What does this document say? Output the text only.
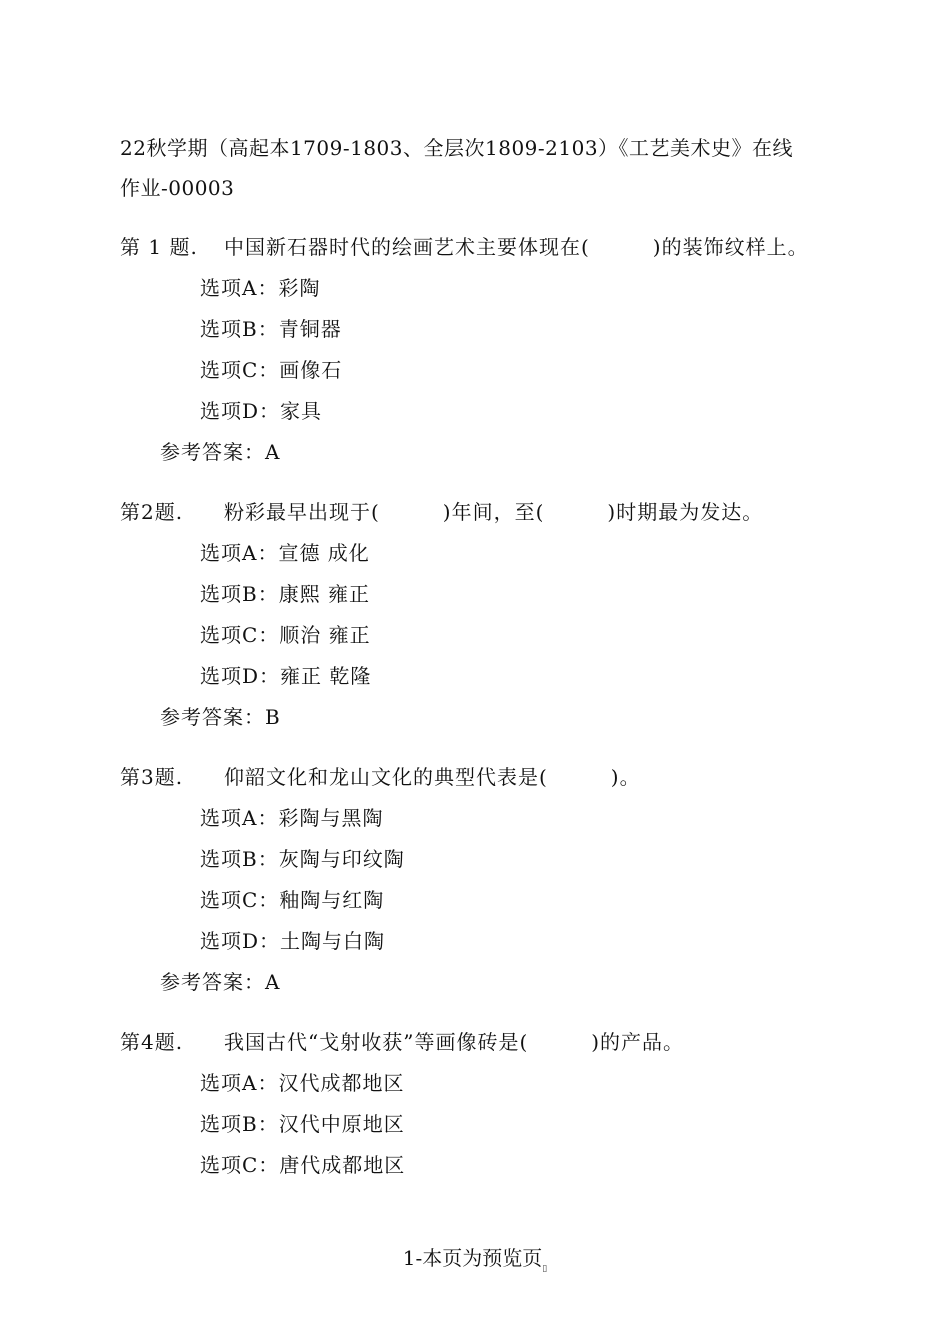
22秋学期（高起本1709-1803、全层次1809-2103）《工艺美术史》在线
作业-00003
第 1 题. 中国新石器时代的绘画艺术主要体现在(　　　)的装饰纹样上。
选项A：彩陶
选项B：青铜器
选项C：画像石
选项D：家具
参考答案：A
第2题. 粉彩最早出现于(　　　)年间，至(　　　)时期最为发达。
选项A：宣德 成化
选项B：康熙 雍正
选项C：顺治 雍正
选项D：雍正 乾隆
参考答案：B
第3题. 仰韶文化和龙山文化的典型代表是(　　　)。
选项A：彩陶与黑陶
选项B：灰陶与印纹陶
选项C：釉陶与红陶
选项D：土陶与白陶
参考答案：A
第4题. 我国古代“戈射收获”等画像砖是(　　　)的产品。
选项A：汉代成都地区
选项B：汉代中原地区
选项C：唐代成都地区
1-本页为预览页$_▯$
